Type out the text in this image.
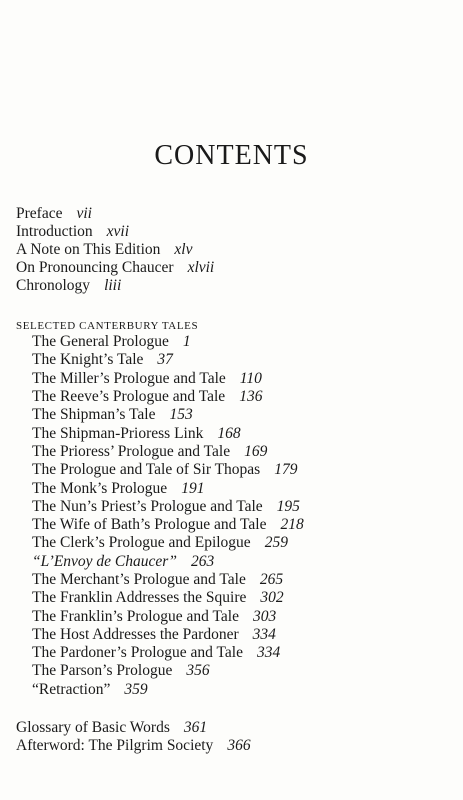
CONTENTS
Preface vii
Introduction xvii
A Note on This Edition xlv
On Pronouncing Chaucer xlvii
Chronology liii
SELECTED CANTERBURY TALES
The General Prologue 1
The Knight’s Tale 37
The Miller’s Prologue and Tale 110
The Reeve’s Prologue and Tale 136
The Shipman’s Tale 153
The Shipman-Prioress Link 168
The Prioress’ Prologue and Tale 169
The Prologue and Tale of Sir Thopas 179
The Monk’s Prologue 191
The Nun’s Priest’s Prologue and Tale 195
The Wife of Bath’s Prologue and Tale 218
The Clerk’s Prologue and Epilogue 259
“L’Envoy de Chaucer” 263
The Merchant’s Prologue and Tale 265
The Franklin Addresses the Squire 302
The Franklin’s Prologue and Tale 303
The Host Addresses the Pardoner 334
The Pardoner’s Prologue and Tale 334
The Parson’s Prologue 356
“Retraction” 359
Glossary of Basic Words 361
Afterword: The Pilgrim Society 366
